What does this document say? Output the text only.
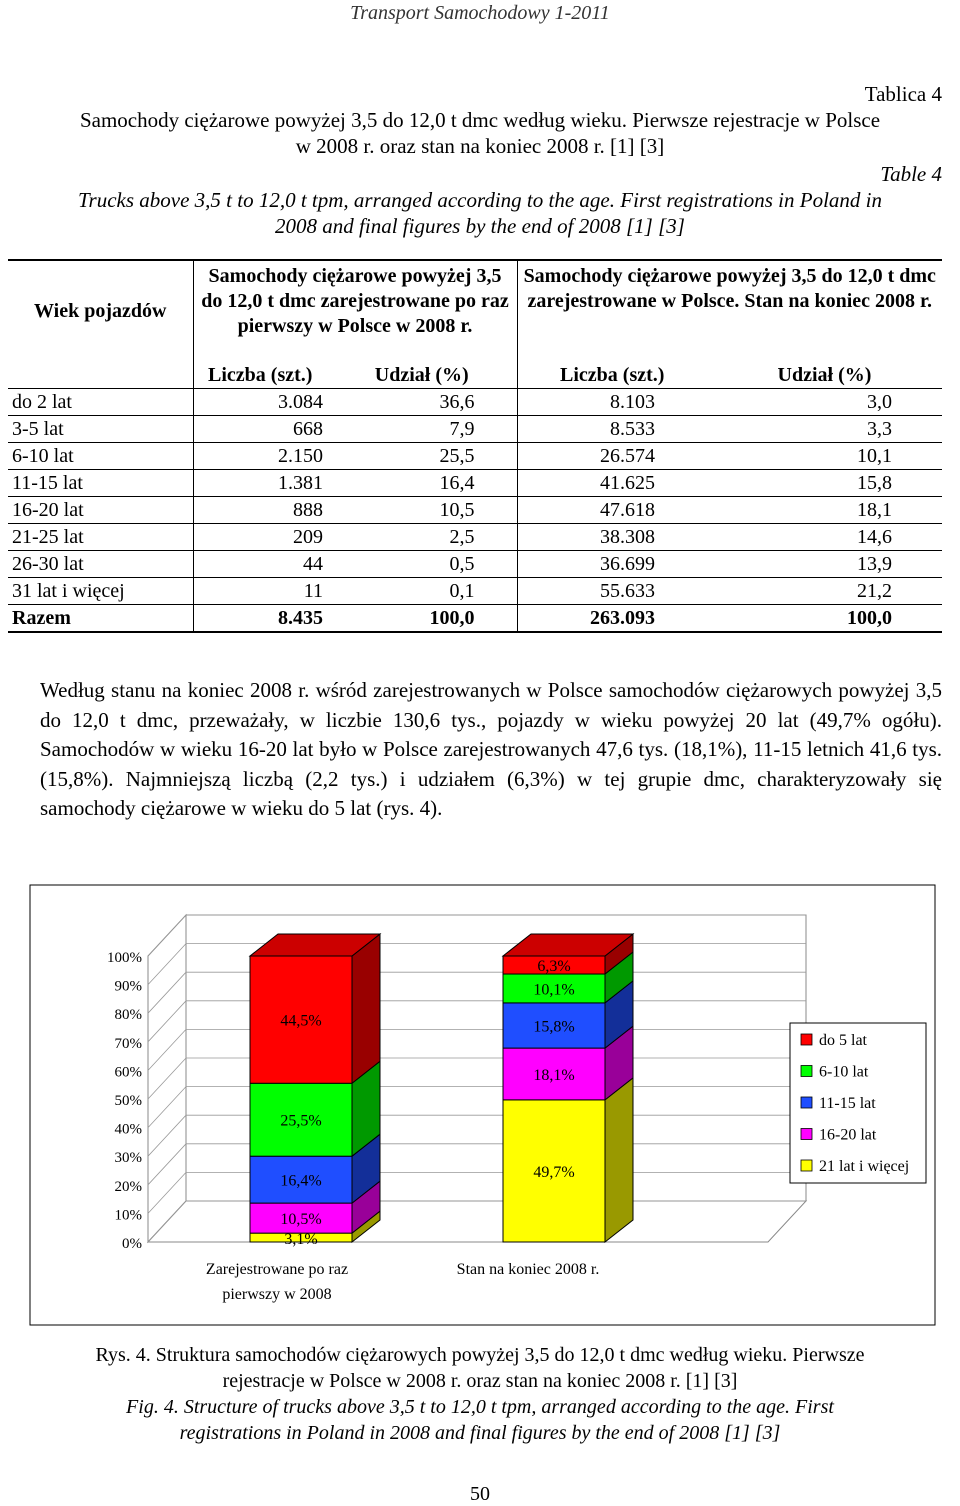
Transport Samochodowy 1-2011
Tablica 4
Samochody ciężarowe powyżej 3,5 do 12,0 t dmc według wieku. Pierwsze rejestracje w Polsce
w 2008 r. oraz stan na koniec 2008 r. [1] [3]
Table 4
Trucks above 3,5 t to 12,0 t tpm, arranged according to the age. First registrations in Poland in
2008 and final figures by the end of 2008 [1] [3]
Wiek pojazdów	Samochody ciężarowe powyżej 3,5 do 12,0 t dmc zarejestrowane po raz pierwszy w Polsce w 2008 r.		Samochody ciężarowe powyżej 3,5 do 12,0 t dmc zarejestrowane w Polsce. Stan na koniec 2008 r.	
	Liczba (szt.)	Udział (%)	Liczba (szt.)	Udział (%)
do 2 lat	3.084	36,6	8.103	3,0
3-5 lat	668	7,9	8.533	3,3
6-10 lat	2.150	25,5	26.574	10,1
11-15 lat	1.381	16,4	41.625	15,8
16-20 lat	888	10,5	47.618	18,1
21-25 lat	209	2,5	38.308	14,6
26-30 lat	44	0,5	36.699	13,9
31 lat i więcej	11	0,1	55.633	21,2
Razem	8.435	100,0	263.093	100,0
Według stanu na koniec 2008 r. wśród zarejestrowanych w Polsce samochodów ciężarowych powyżej 3,5 do 12,0 t dmc, przeważały, w liczbie 130,6 tys., pojazdy w wieku powyżej 20 lat (49,7% ogółu). Samochodów w wieku 16-20 lat było w Polsce zarejestrowanych 47,6 tys. (18,1%), 11-15 letnich 41,6 tys. (15,8%). Najmniejszą liczbą (2,2 tys.) i udziałem (6,3%) w tej grupie dmc, charakteryzowały się samochody ciężarowe w wieku do 5 lat (rys. 4).
0%
10%
20%
30%
40%
50%
60%
70%
80%
90%
100%
3,1%
10,5%
16,4%
25,5%
44,5%
Zarejestrowane po raz
pierwszy w 2008
49,7%
18,1%
15,8%
10,1%
6,3%
Stan na koniec 2008 r.
do 5 lat
6-10 lat
11-15 lat
16-20 lat
21 lat i więcej
Rys. 4. Struktura samochodów ciężarowych powyżej 3,5 do 12,0 t dmc według wieku. Pierwsze
rejestracje w Polsce w 2008 r. oraz stan na koniec 2008 r. [1] [3]
Fig. 4. Structure of trucks above 3,5 t to 12,0 t tpm, arranged according to the age. First
registrations in Poland in 2008 and final figures by the end of 2008 [1] [3]
50
